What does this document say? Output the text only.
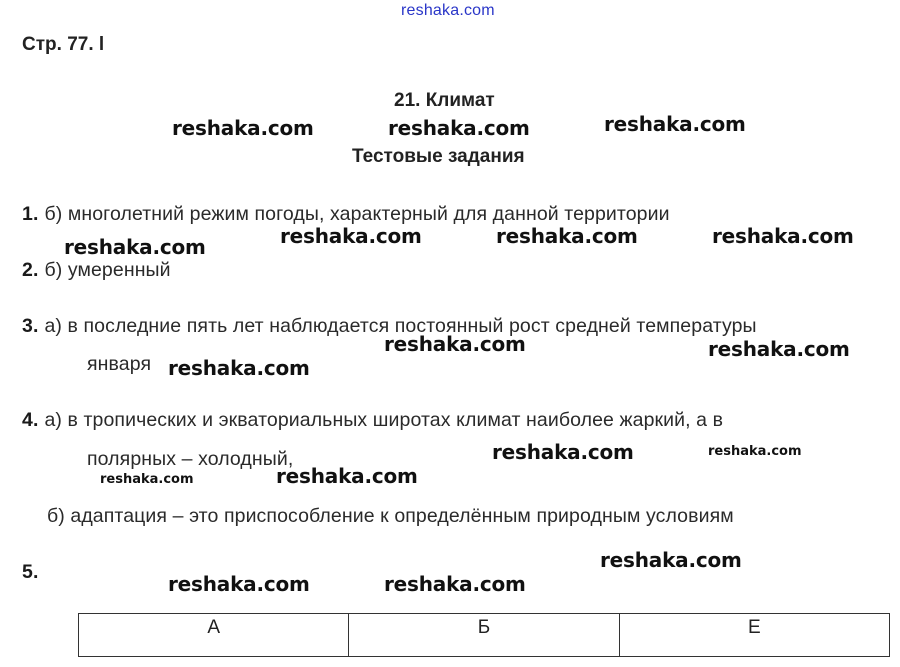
reshaka.com
Стр. 77. l
21. Климат
Тестовые задания
1. б) многолетний режим погоды, характерный для данной территории
2. б) умеренный
3. а) в последние пять лет наблюдается постоянный рост средней температуры
января
4. а) в тропических и экваториальных широтах климат наиболее жаркий, а в
полярных – холодный,
б) адаптация – это приспособление к определённым природным условиям
5.
reshaka.com	reshaka.com	reshaka.com
reshaka.com	reshaka.com	reshaka.com	reshaka.com
reshaka.com	reshaka.com
reshaka.com
reshaka.com	reshaka.com
reshaka.com	reshaka.com
reshaka.com
reshaka.com	reshaka.com
А	Б	Е
